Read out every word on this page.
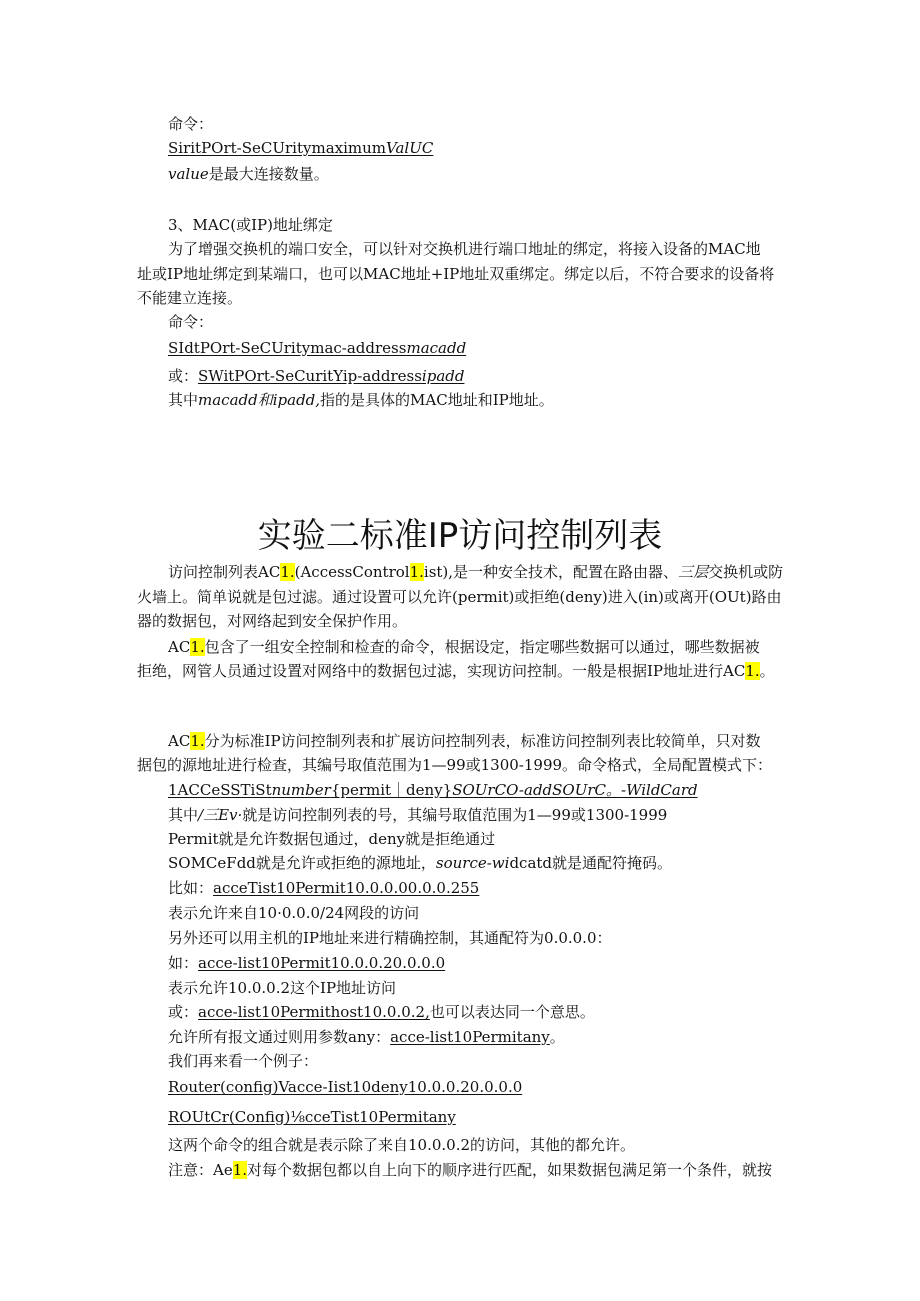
命令：
SiritPOrt-SeCUritymaximumValUC
value是最大连接数量。
3、MAC(或IP)地址绑定
为了增强交换机的端口安全，可以针对交换机进行端口地址的绑定，将接入设备的MAC地
址或IP地址绑定到某端口，也可以MAC地址+IP地址双重绑定。绑定以后，不符合要求的设备将
不能建立连接。
命令：
SIdtPOrt-SeCUritymac-addressmacadd
或：SWitPOrt-SeCuritYip-addressipadd
其中macadd和ipadd,指的是具体的MAC地址和IP地址。
实验二标准IP访问控制列表
访问控制列表AC1.(AccessControl1.ist),是一种安全技术，配置在路由器、三层交换机或防
火墙上。简单说就是包过滤。通过设置可以允许(permit)或拒绝(deny)进入(in)或离开(OUt)路由
器的数据包，对网络起到安全保护作用。
AC1.包含了一组安全控制和检查的命令，根据设定，指定哪些数据可以通过，哪些数据被
拒绝，网管人员通过设置对网络中的数据包过滤，实现访问控制。一般是根据IP地址进行AC1.。
AC1.分为标准IP访问控制列表和扩展访问控制列表，标准访问控制列表比较简单，只对数
据包的源地址进行检查，其编号取值范围为1—99或1300-1999。命令格式，全局配置模式下：
1ACCeSSTiStnumber{permit｜deny}SOUrCO-addSOUrC。-WildCard
其中/三Ev·就是访问控制列表的号，其编号取值范围为1—99或1300-1999
Permit就是允许数据包通过，deny就是拒绝通过
SOMCeFdd就是允许或拒绝的源地址，source-widcatd就是通配符掩码。
比如：acceTist10Permit10.0.0.00.0.0.255
表示允许来自10·0.0.0/24网段的访问
另外还可以用主机的IP地址来进行精确控制，其通配符为0.0.0.0：
如：acce-list10Permit10.0.0.20.0.0.0
表示允许10.0.0.2这个IP地址访问
或：acce-list10Permithost10.0.0.2,也可以表达同一个意思。
允许所有报文通过则用参数any：acce-list10Permitany。
我们再来看一个例子：
Router(config)Vacce-Iist10deny10.0.0.20.0.0.0
ROUtCr(Config)⅛cceTist10Permitany
这两个命令的组合就是表示除了来自10.0.0.2的访问，其他的都允许。
注意：Ae1.对每个数据包都以自上向下的顺序进行匹配，如果数据包满足第一个条件，就按
